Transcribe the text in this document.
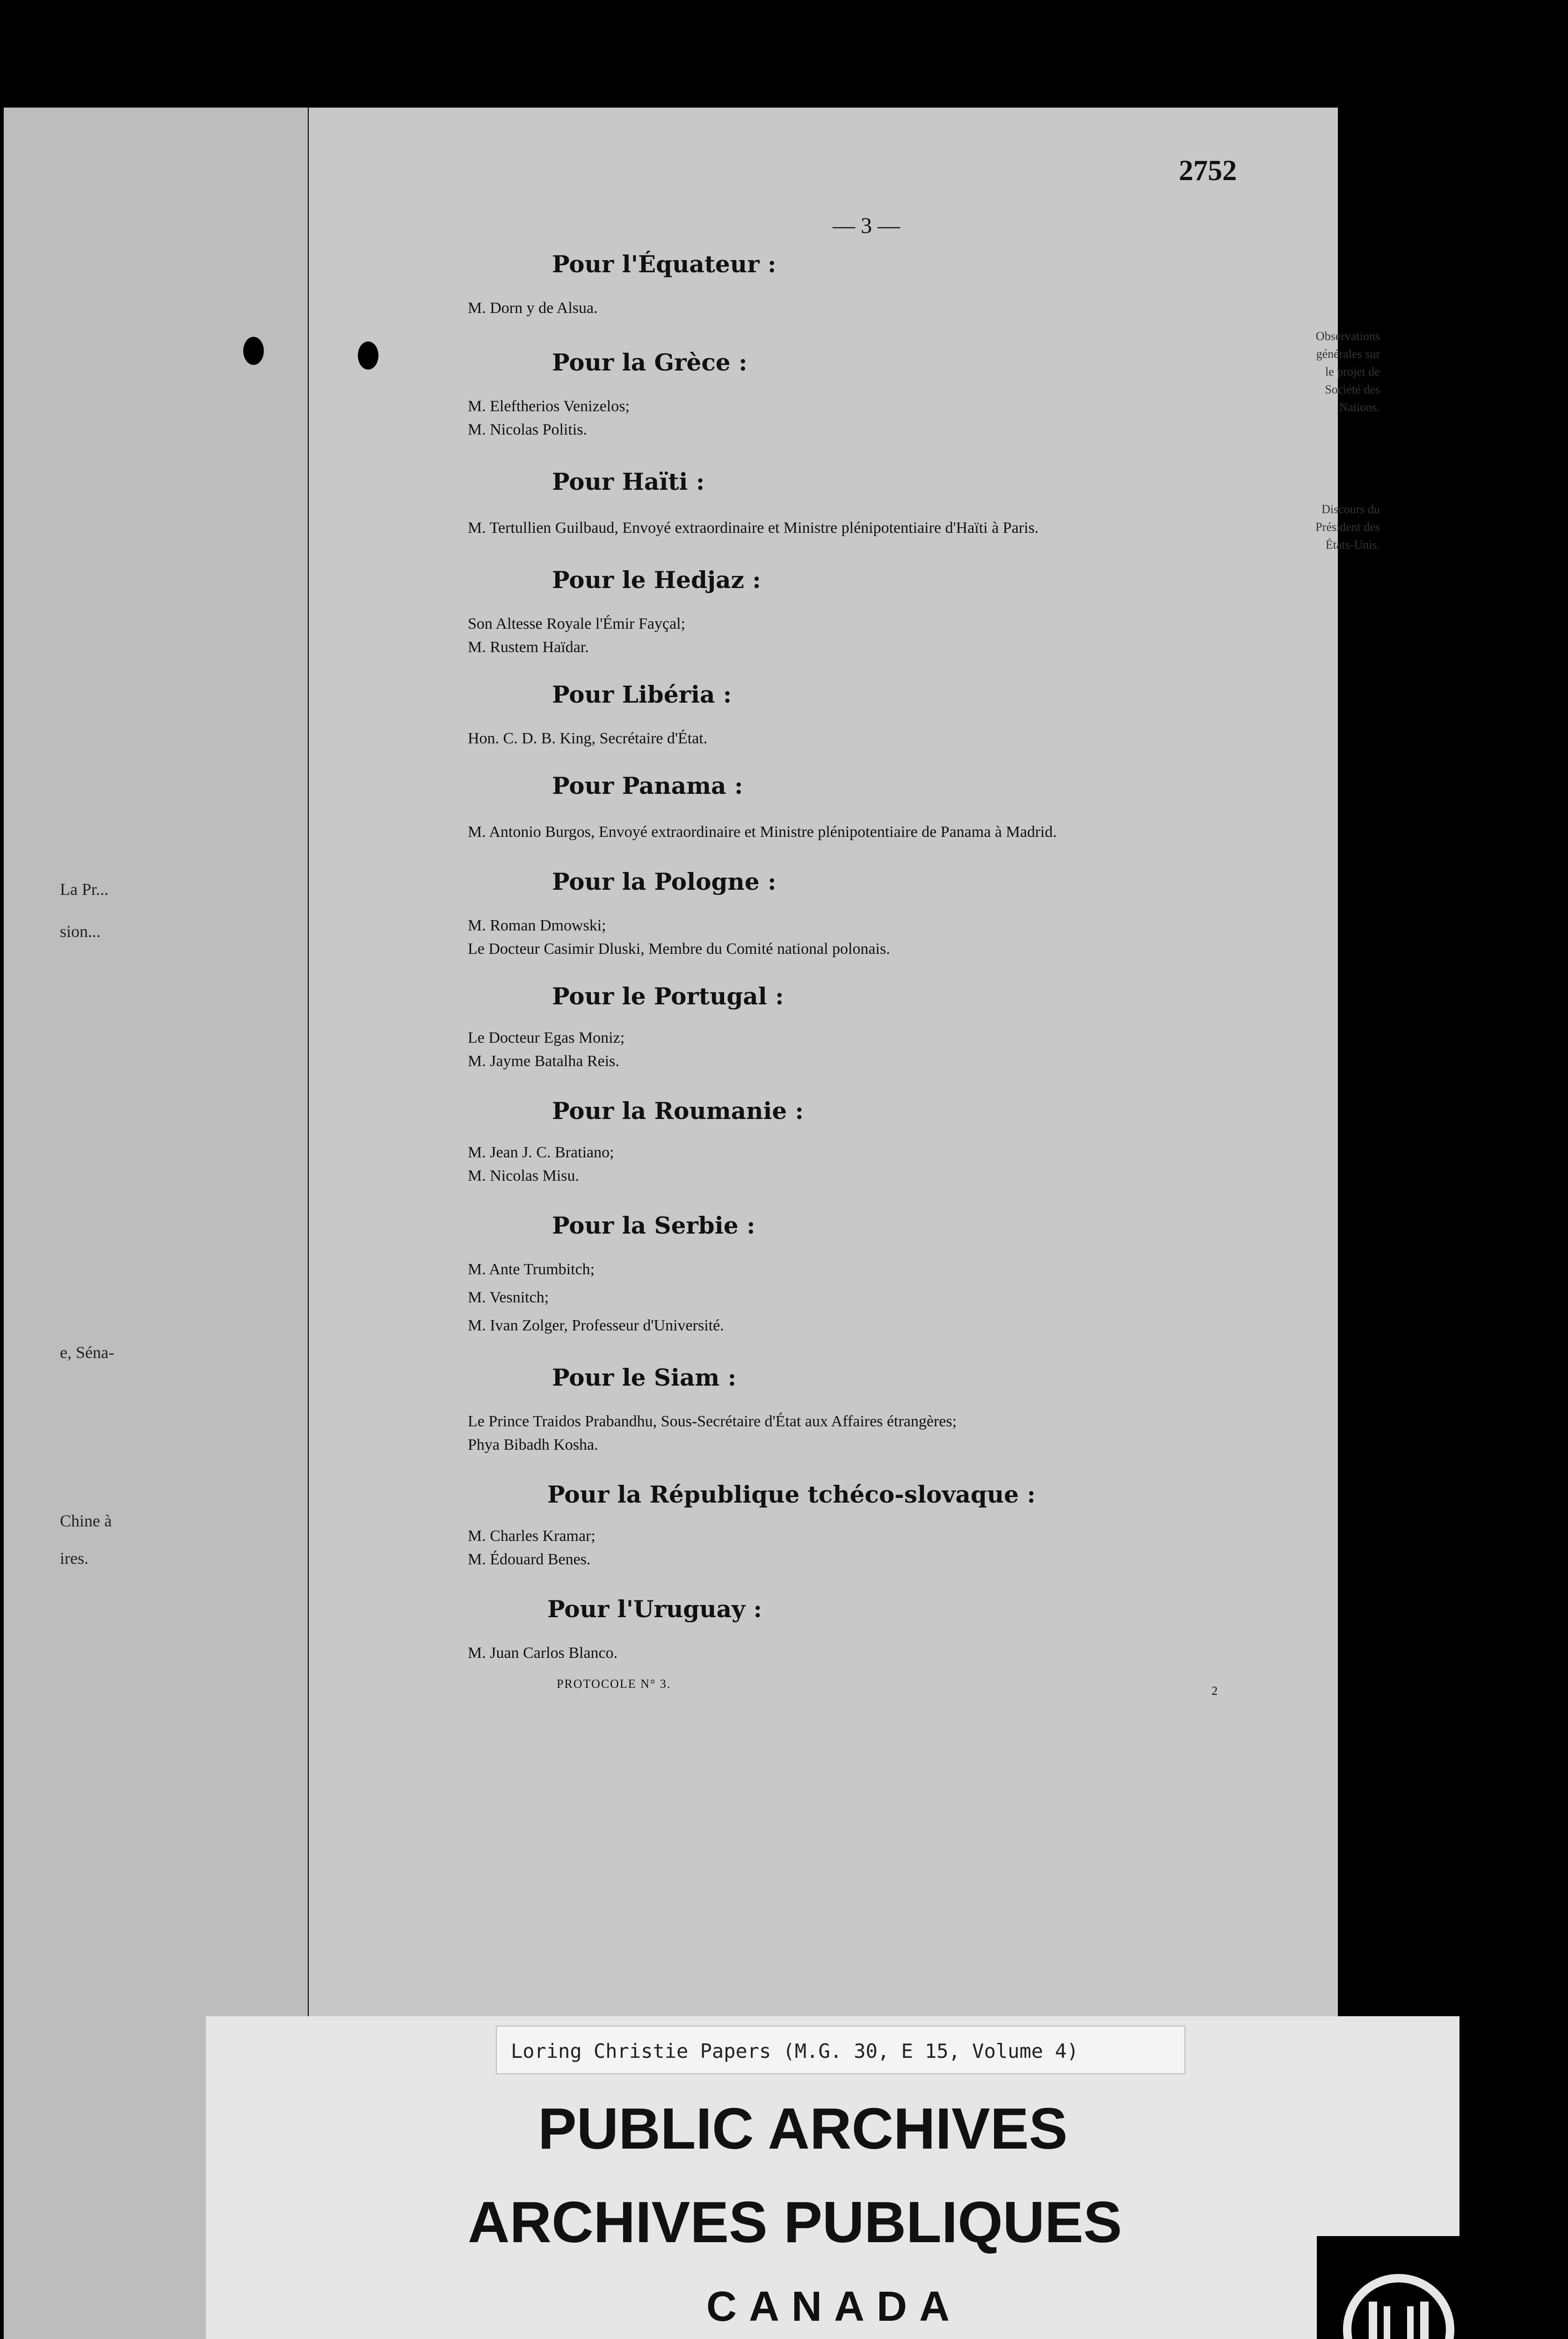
La Pr...
sion...
e, Séna-
Chine à
ires.
2752
— 3 —
Observations générales sur le projet de Société des Nations.
Discours du Président des États-Unis.
Pour l'Équateur :
M. Dorn y de Alsua.
Pour la Grèce :
M. Eleftherios Venizelos;
M. Nicolas Politis.
Pour Haïti :
M. Tertullien Guilbaud, Envoyé extraordinaire et Ministre plénipotentiaire d'Haïti à Paris.
Pour le Hedjaz :
Son Altesse Royale l'Émir Fayçal;
M. Rustem Haïdar.
Pour Libéria :
Hon. C. D. B. King, Secrétaire d'État.
Pour Panama :
M. Antonio Burgos, Envoyé extraordinaire et Ministre plénipotentiaire de Panama à Madrid.
Pour la Pologne :
M. Roman Dmowski;
Le Docteur Casimir Dluski, Membre du Comité national polonais.
Pour le Portugal :
Le Docteur Egas Moniz;
M. Jayme Batalha Reis.
Pour la Roumanie :
M. Jean J. C. Bratiano;
M. Nicolas Misu.
Pour la Serbie :
M. Ante Trumbitch;
M. Vesnitch;
M. Ivan Zolger, Professeur d'Université.
Pour le Siam :
Le Prince Traidos Prabandhu, Sous-Secrétaire d'État aux Affaires étrangères;
Phya Bibadh Kosha.
Pour la République tchéco-slovaque :
M. Charles Kramar;
M. Édouard Benes.
Pour l'Uruguay :
M. Juan Carlos Blanco.
PROTOCOLE N° 3.
2
Loring Christie Papers (M.G. 30, E 15, Volume 4)
PUBLIC ARCHIVES
ARCHIVES PUBLIQUES
CANADA
